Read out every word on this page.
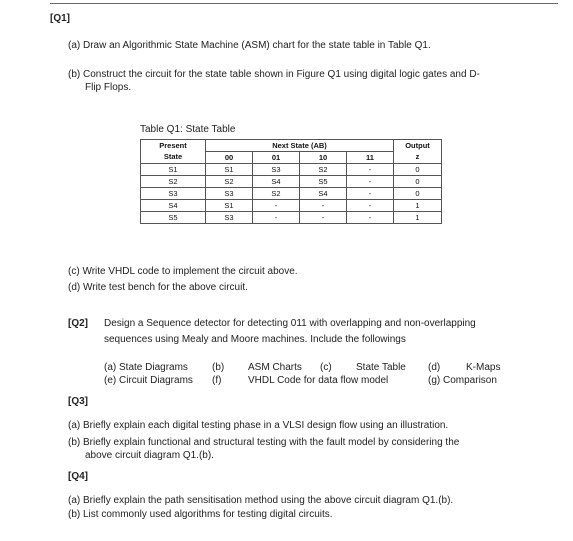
[Q1]
(a) Draw an Algorithmic State Machine (ASM) chart for the state table in Table Q1.
(b) Construct the circuit for the state table shown in Figure Q1 using digital logic gates and D-
Flip Flops.
Table Q1: State Table
Present	Next State (AB)				Output
State	00	01	10	11	z
S1	S1	S3	S2	-	0
S2	S2	S4	S5	-	0
S3	S3	S2	S4	-	0
S4	S1	-	-	-	1
S5	S3	-	-	-	1
(c) Write VHDL code to implement the circuit above.
(d) Write test bench for the above circuit.
[Q2] Design a Sequence detector for detecting 011 with overlapping and non-overlapping
sequences using Mealy and Moore machines. Include the followings
(a) State Diagrams (b) ASM Charts (c) State Table (d)	K-Maps
(e) Circuit Diagrams (f)	VHDL Code for data flow model	(g) Comparison
[Q3]
(a) Briefly explain each digital testing phase in a VLSI design flow using an illustration.
(b) Briefly explain functional and structural testing with the fault model by considering the
above circuit diagram Q1.(b).
[Q4]
(a) Briefly explain the path sensitisation method using the above circuit diagram Q1.(b).
(b) List commonly used algorithms for testing digital circuits.
